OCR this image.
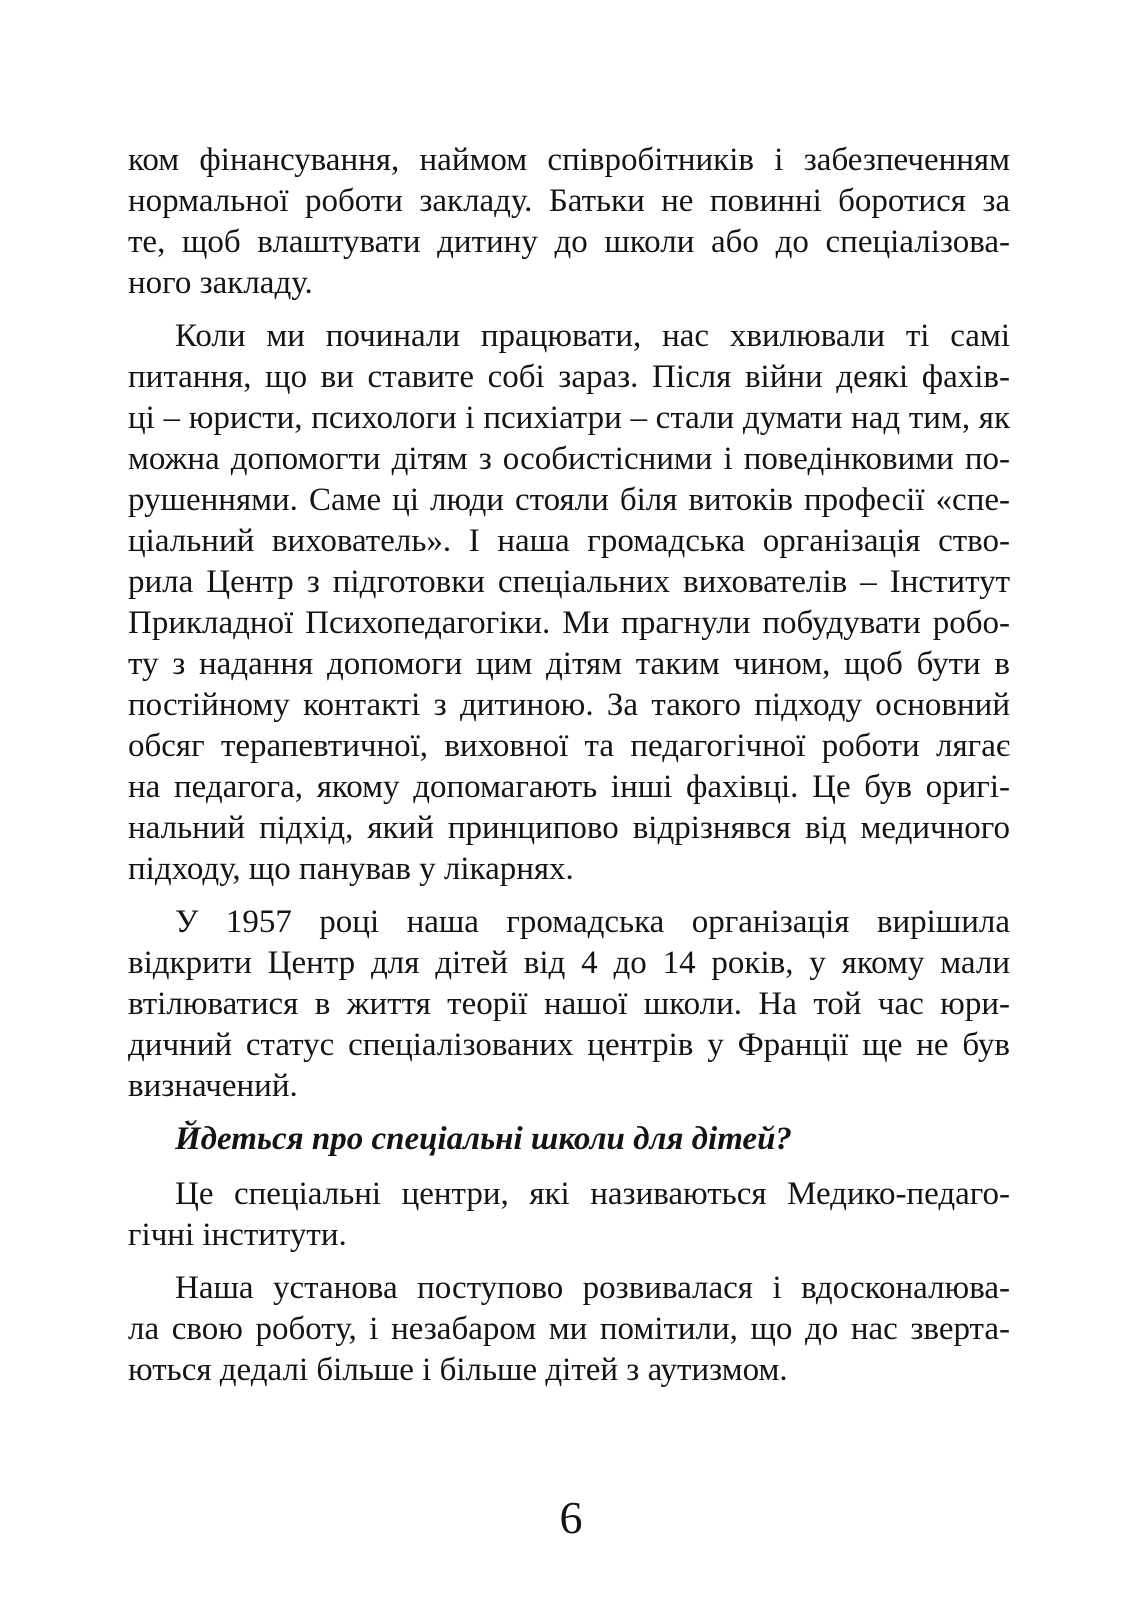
ком фінансування, наймом співробітників і забезпеченням
нормальної роботи закладу. Батьки не повинні боротися за
те, щоб влаштувати дитину до школи або до спеціалізова-
ного закладу.
Коли ми починали працювати, нас хвилювали ті самі
питання, що ви ставите собі зараз. Після війни деякі фахів-
ці – юристи, психологи і психіатри – стали думати над тим, як
можна допомогти дітям з особистісними і поведінковими по-
рушеннями. Саме ці люди стояли біля витоків професії «спе-
ціальний вихователь». І наша громадська організація ство-
рила Центр з підготовки спеціальних вихователів – Інститут
Прикладної Психопедагогіки. Ми прагнули побудувати робо-
ту з надання допомоги цим дітям таким чином, щоб бути в
постійному контакті з дитиною. За такого підходу основний
обсяг терапевтичної, виховної та педагогічної роботи лягає
на педагога, якому допомагають інші фахівці. Це був оригі-
нальний підхід, який принципово відрізнявся від медичного
підходу, що панував у лікарнях.
У 1957 році наша громадська організація вирішила
відкрити Центр для дітей від 4 до 14 років, у якому мали
втілюватися в життя теорії нашої школи. На той час юри-
дичний статус спеціалізованих центрів у Франції ще не був
визначений.
Йдеться про спеціальні школи для дітей?
Це спеціальні центри, які називаються Медико-педаго-
гічні інститути.
Наша установа поступово розвивалася і вдосконалюва-
ла свою роботу, і незабаром ми помітили, що до нас зверта-
ються дедалі більше і більше дітей з аутизмом.
6
